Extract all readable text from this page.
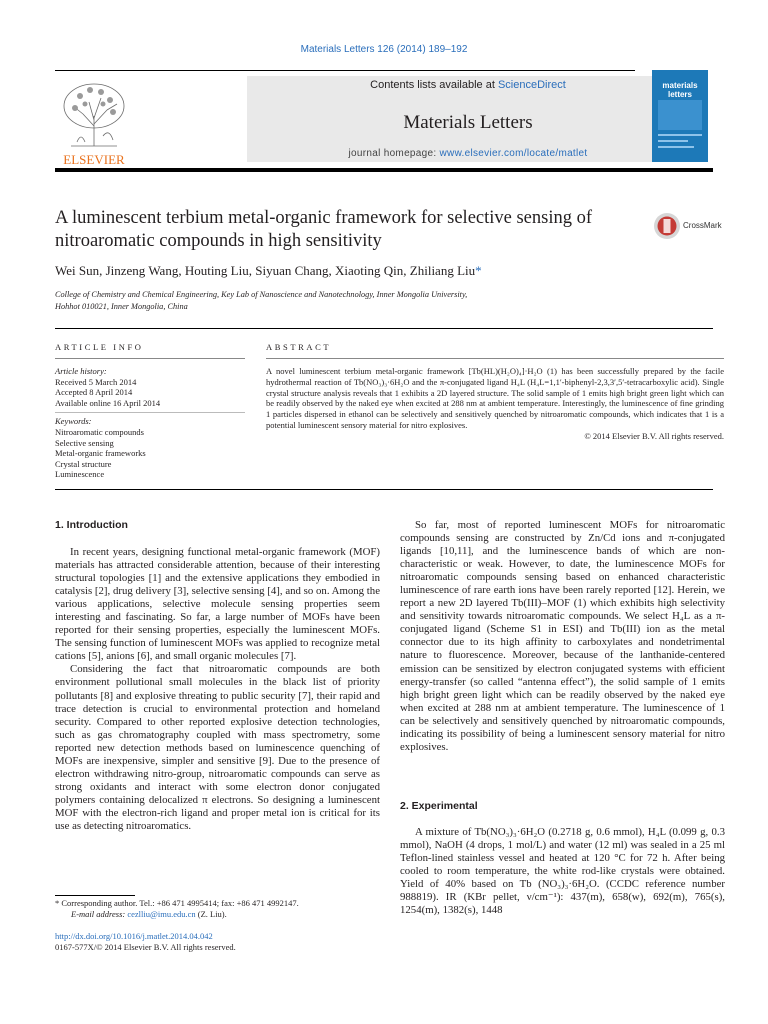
Materials Letters 126 (2014) 189–192
ELSEVIER
Contents lists available at ScienceDirect
Materials Letters
journal homepage: www.elsevier.com/locate/matlet
materials letters
A luminescent terbium metal-organic framework for selective sensing of nitroaromatic compounds in high sensitivity
CrossMark
Wei Sun, Jinzeng Wang, Houting Liu, Siyuan Chang, Xiaoting Qin, Zhiliang Liu*
College of Chemistry and Chemical Engineering, Key Lab of Nanoscience and Nanotechnology, Inner Mongolia University,
Hohhot 010021, Inner Mongolia, China
ARTICLE INFO	ABSTRACT
Article history:
Received 5 March 2014
Accepted 8 April 2014
Available online 16 April 2014
Keywords:
Nitroaromatic compounds
Selective sensing
Metal-organic frameworks
Crystal structure
Luminescence
A novel luminescent terbium metal-organic framework [Tb(HL)(H₂O)₄]·H₂O (1) has been successfully prepared by the facile hydrothermal reaction of Tb(NO₃)₃·6H₂O and the π-conjugated ligand H₄L (H₄L=1,1′-biphenyl-2,3,3′,5′-tetracarboxylic acid). Single crystal structure analysis reveals that 1 exhibits a 2D layered structure. The solid sample of 1 emits high bright green light which can be readily observed by the naked eye when excited at 288 nm at ambient temperature. Interestingly, the luminescence of fine grinding 1 particles dispersed in ethanol can be selectively and sensitively quenched by nitroaromatic compounds, which indicates that 1 is a potential luminescent sensory material for nitro explosives.
© 2014 Elsevier B.V. All rights reserved.
1. Introduction

In recent years, designing functional metal-organic framework (MOF) materials has attracted considerable attention, because of their interesting structural topologies [1] and the extensive applications they embodied in catalysis [2], drug delivery [3], selective sensing [4], and so on. Among the various applications, selective molecule sensing properties seem interesting and fascinating. So far, a large number of MOFs have been reported for their sensing properties, especially the luminescent MOFs. The sensing function of luminescent MOFs was applied to recognize metal cations [5], anions [6], and small organic molecules [7].

Considering the fact that nitroaromatic compounds are both environment pollutional small molecules in the black list of priority pollutants [8] and explosive threating to public security [7], their rapid and trace detection is crucial to environmental protection and homeland security. Compared to other reported explosive detection technologies, such as gas chromatography coupled with mass spectrometry, some reported new detection methods based on luminescence quenching of MOFs are inexpensive, simpler and sensitive [9]. Due to the presence of electron withdrawing nitro-group, nitroaromatic compounds can serve as strong oxidants and interact with some electron donor conjugated polymers containing delocalized π electrons. So designing a luminescent MOF with the electron-rich ligand and proper metal ion is critical for its use as detecting nitroaromatics.

So far, most of reported luminescent MOFs for nitroaromatic compounds sensing are constructed by Zn/Cd ions and π-conjugated ligands [10,11], and the luminescence bands of which are non-characteristic or weak. However, to date, the luminescence MOFs for nitroaromatic compounds sensing based on enhanced characteristic luminescence of rare earth ions have been rarely reported [12]. Herein, we report a new 2D layered Tb(III)–MOF (1) which exhibits high selectivity and sensitivity towards nitroaromatic compounds. We select H₄L as a π-conjugated ligand (Scheme S1 in ESI) and Tb(III) ion as the metal connector due to its high affinity to carboxylates and nondetrimental nature to fluorescence. Moreover, because of the lanthanide-centered emission can be sensitized by electron conjugated systems with efficient energy-transfer (so called “antenna effect”), the solid sample of 1 emits high bright green light which can be readily observed by the naked eye when excited at 288 nm at ambient temperature. The luminescence of 1 can be selectively and sensitively quenched by nitroaromatic compounds, indicating its possibility of being a luminescent sensory material for nitro explosives.

2. Experimental

A mixture of Tb(NO₃)₃·6H₂O (0.2718 g, 0.6 mmol), H₄L (0.099 g, 0.3 mmol), NaOH (4 drops, 1 mol/L) and water (12 ml) was sealed in a 25 ml Teflon-lined stainless vessel and heated at 120 °C for 72 h. After being cooled to room temperature, the white rod-like crystals were obtained. Yield of 40% based on Tb (NO₃)₃·6H₂O. (CCDC reference number 988819). IR (KBr pellet, ν/cm⁻¹): 437(m), 658(w), 692(m), 765(s), 1254(m), 1382(s), 1448

* Corresponding author. Tel.: +86 471 4995414; fax: +86 471 4992147.
E-mail address: cezlliu@imu.edu.cn (Z. Liu).
http://dx.doi.org/10.1016/j.matlet.2014.04.042
0167-577X/© 2014 Elsevier B.V. All rights reserved.
